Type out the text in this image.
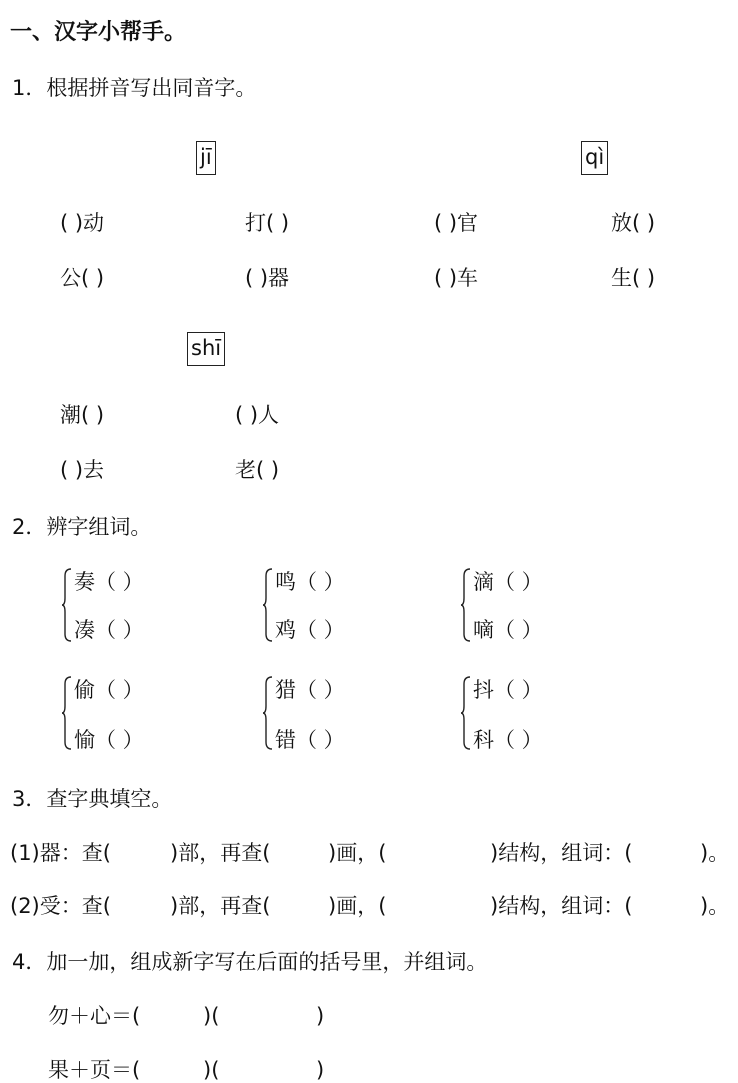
一、汉字小帮手。
1．根据拼音写出同音字。
jī	qì
( )动	打( )	( )官	放( )
公( )	( )器	( )车	生( )
shī
潮( )	( )人
( )去	老( )
2．辨字组词。
奏（ ）
凑（ ）
鸣（ ）
鸡（ ）
滴（ ）
嘀（ ）
偷（ ）
愉（ ）
猎（ ）
错（ ）
抖（ ）
科（ ）
3．查字典填空。
(1)器：查(	)部，再查(	)画，(	)结构，组词：(	)。
(2)受：查(	)部，再查(	)画，(	)结构，组词：(	)。
4．加一加，组成新字写在后面的括号里，并组词。
勿＋心＝(	)(	)
果＋页＝(	)(	)
